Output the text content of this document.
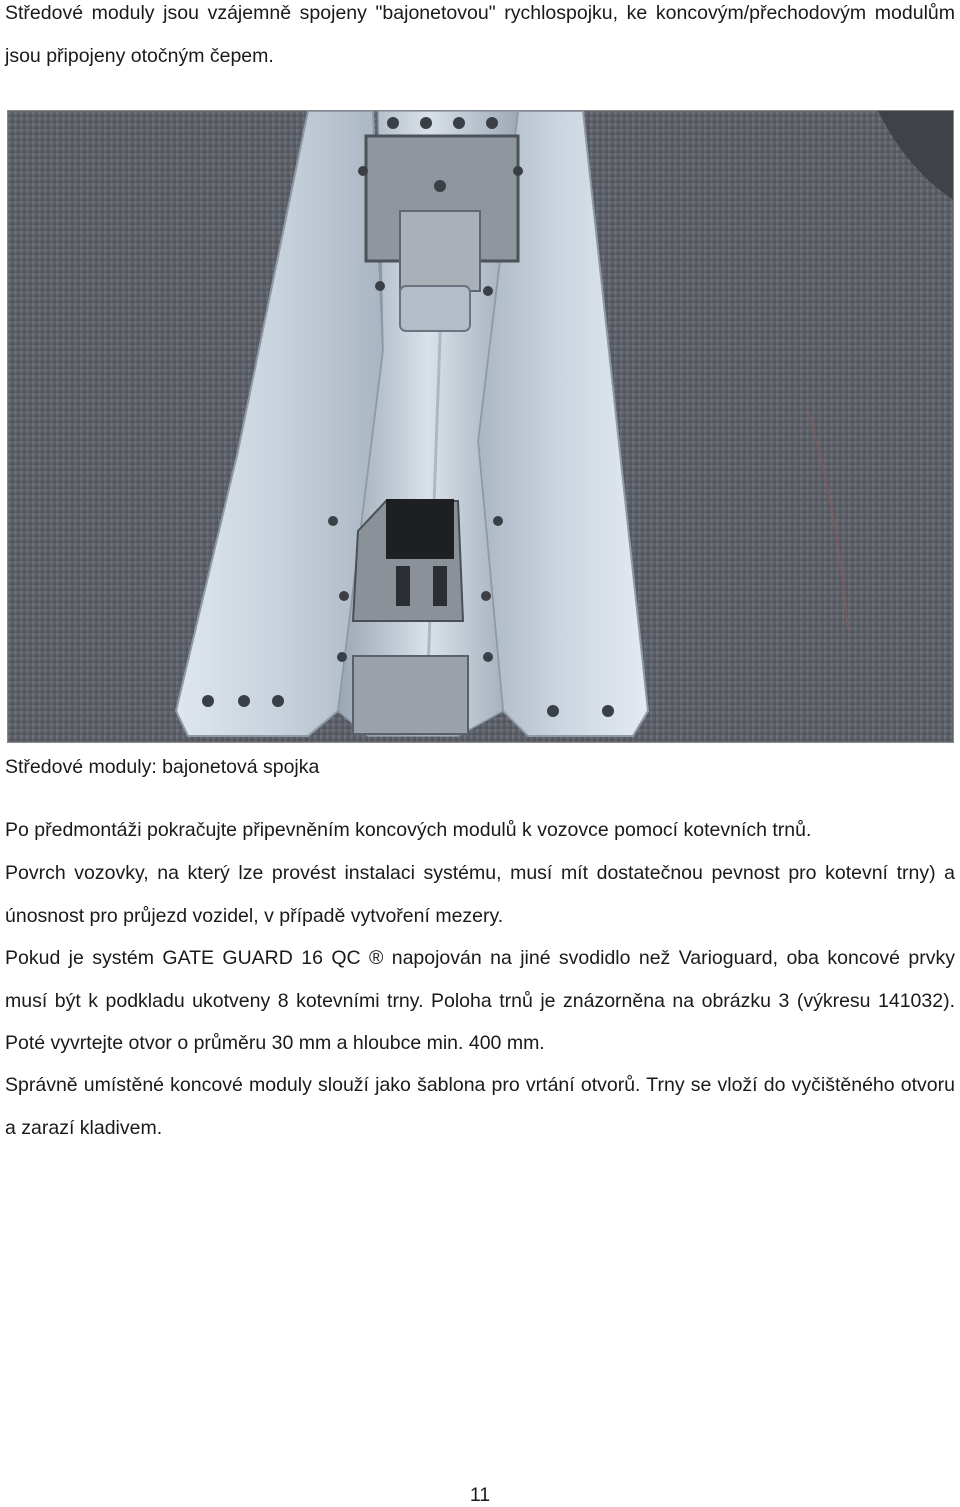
Středové moduly jsou vzájemně spojeny "bajonetovou" rychlospojku, ke koncovým/přechodovým modulům jsou připojeny otočným čepem.

Středové moduly: bajonetová spojka

Po předmontáži pokračujte připevněním koncových modulů k vozovce pomocí kotevních trnů.

Povrch vozovky, na který lze provést instalaci systému, musí mít dostatečnou pevnost pro kotevní trny) a únosnost pro průjezd vozidel, v případě vytvoření mezery.

Pokud je systém GATE GUARD 16 QC ® napojován na jiné svodidlo než Varioguard, oba koncové prvky musí být k podkladu ukotveny 8 kotevními trny. Poloha trnů je znázorněna na obrázku 3 (výkresu 141032). Poté vyvrtejte otvor o průměru 30 mm a hloubce min. 400 mm.

Správně umístěné koncové moduly slouží jako šablona pro vrtání otvorů. Trny se vloží do vyčištěného otvoru a zarazí kladivem.

11
